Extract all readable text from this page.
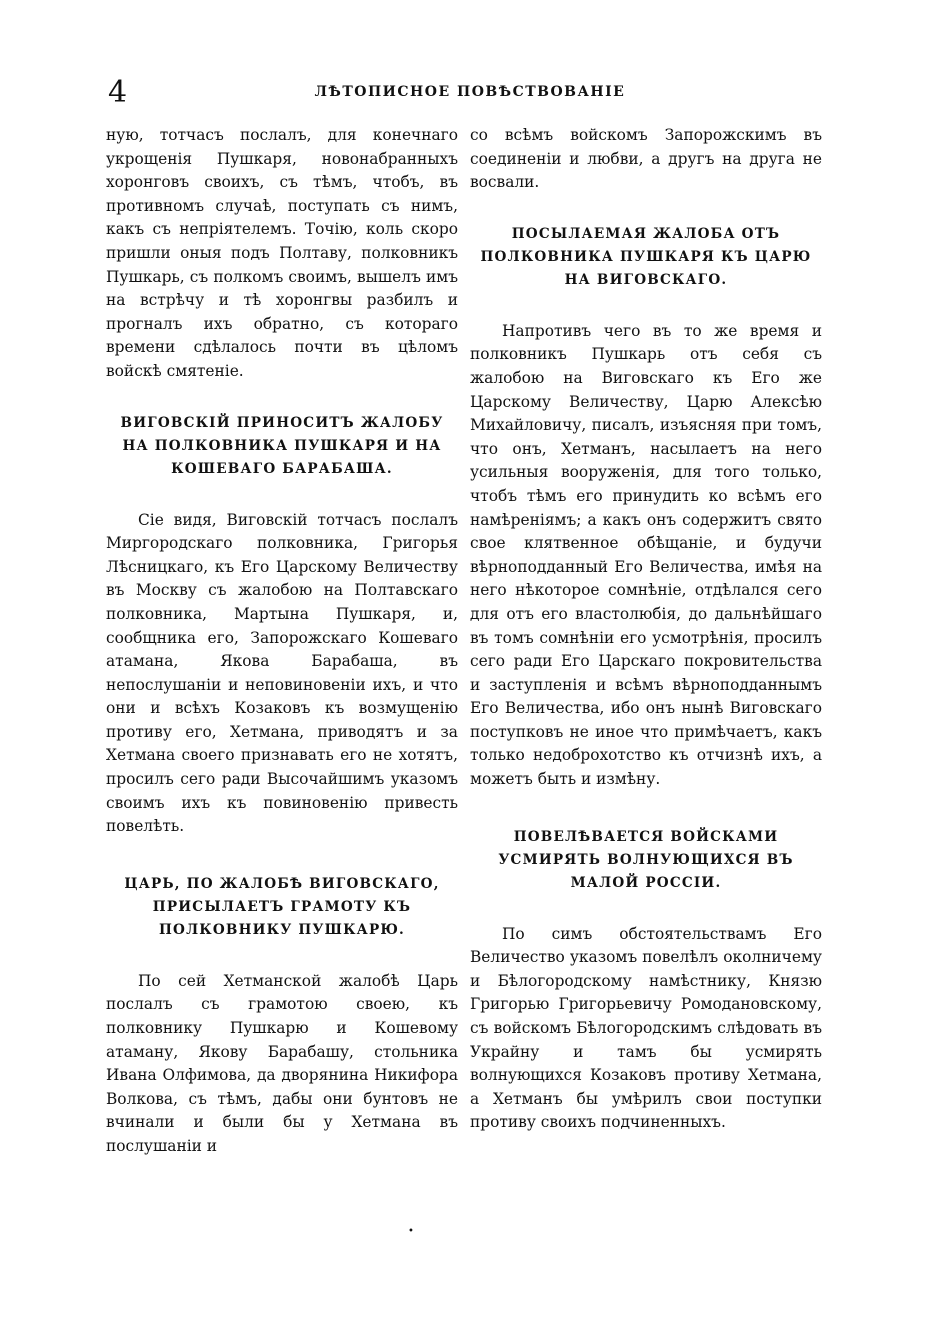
4	ЛѢТОПИСНОЕ ПОВѢСТВОВАНІЕ

ную, тотчасъ послалъ, для конечнаго укрощенія Пушкаря, новонабранныхъ хоронговъ своихъ, съ тѣмъ, чтобъ, въ противномъ случаѣ, поступать съ нимъ, какъ съ непріятелемъ. Точію, коль скоро пришли оныя подъ Полтаву, полковникъ Пушкарь, съ полкомъ своимъ, вышелъ имъ на встрѣчу и тѣ хоронгвы разбилъ и прогналъ ихъ обратно, съ котораго времени сдѣлалось почти въ цѣломъ войскѣ смятеніе.

ВИГОВСКІЙ ПРИНОСИТЪ ЖАЛОБУ НА ПОЛКОВНИКА ПУШКАРЯ И НА КОШЕВАГО БАРАБАША.

Сіе видя, Виговскій тотчасъ послалъ Миргородскаго полковника, Григорья Лѣсницкаго, къ Его Царскому Величеству въ Москву съ жалобою на Полтавскаго полковника, Мартына Пушкаря, и, сообщника его, Запорожскаго Кошеваго атамана, Якова Барабаша, въ непослушаніи и неповиновеніи ихъ, и что они и всѣхъ Козаковъ къ возмущенію противу его, Хетмана, приводятъ и за Хетмана своего признавать его не хотятъ, просилъ сего ради Высочайшимъ указомъ своимъ ихъ къ повиновенію привесть повелѣть.

ЦАРЬ, ПО ЖАЛОБѢ ВИГОВСКАГО, ПРИСЫЛАЕТЪ ГРАМОТУ КЪ ПОЛКОВНИКУ ПУШКАРЮ.

По сей Хетманской жалобѣ Царь послалъ съ грамотою своею, къ полковнику Пушкарю и Кошевому атаману, Якову Барабашу, стольника Ивана Олфимова, да дворянина Никифора Волкова, съ тѣмъ, дабы они бунтовъ не вчинали и были бы у Хетмана въ послушаніи и

со всѣмъ войскомъ Запорожскимъ въ соединеніи и любви, а другъ на друга не восвали.

ПОСЫЛАЕМАЯ ЖАЛОБА ОТЪ ПОЛКОВНИКА ПУШКАРЯ КЪ ЦАРЮ НА ВИГОВСКАГО.

Напротивъ чего въ то же время и полковникъ Пушкарь отъ себя съ жалобою на Виговскаго къ Его же Царскому Величеству, Царю Алексѣю Михайловичу, писалъ, изъясняя при томъ, что онъ, Хетманъ, насылаетъ на него усильныя вооруженія, для того только, чтобъ тѣмъ его принудить ко всѣмъ его намѣреніямъ; а какъ онъ содержитъ свято свое клятвенное обѣщаніе, и будучи вѣрноподданный Его Величества, имѣя на него нѣкоторое сомнѣніе, отдѣлался сего для отъ его властолюбія, до дальнѣйшаго въ томъ сомнѣніи его усмотрѣнія, просилъ сего ради Его Царскаго покровительства и заступленія и всѣмъ вѣрноподданнымъ Его Величества, ибо онъ нынѣ Виговскаго поступковъ не иное что примѣчаетъ, какъ только недоброхотство къ отчизнѣ ихъ, а можетъ быть и измѣну.

ПОВЕЛѢВАЕТСЯ ВОЙСКАМИ УСМИРЯТЬ ВОЛНУЮЩИХСЯ ВЪ МАЛОЙ РОССІИ.

По симъ обстоятельствамъ Его Величество указомъ повелѣлъ околничему и Бѣлогородскому намѣстнику, Князю Григорью Григорьевичу Ромодановскому, съ войскомъ Бѣлогородскимъ слѣдовать въ Украйну и тамъ бы усмирять волнующихся Козаковъ противу Хетмана, а Хетманъ бы умѣрилъ свои поступки противу своихъ подчиненныхъ.

•
